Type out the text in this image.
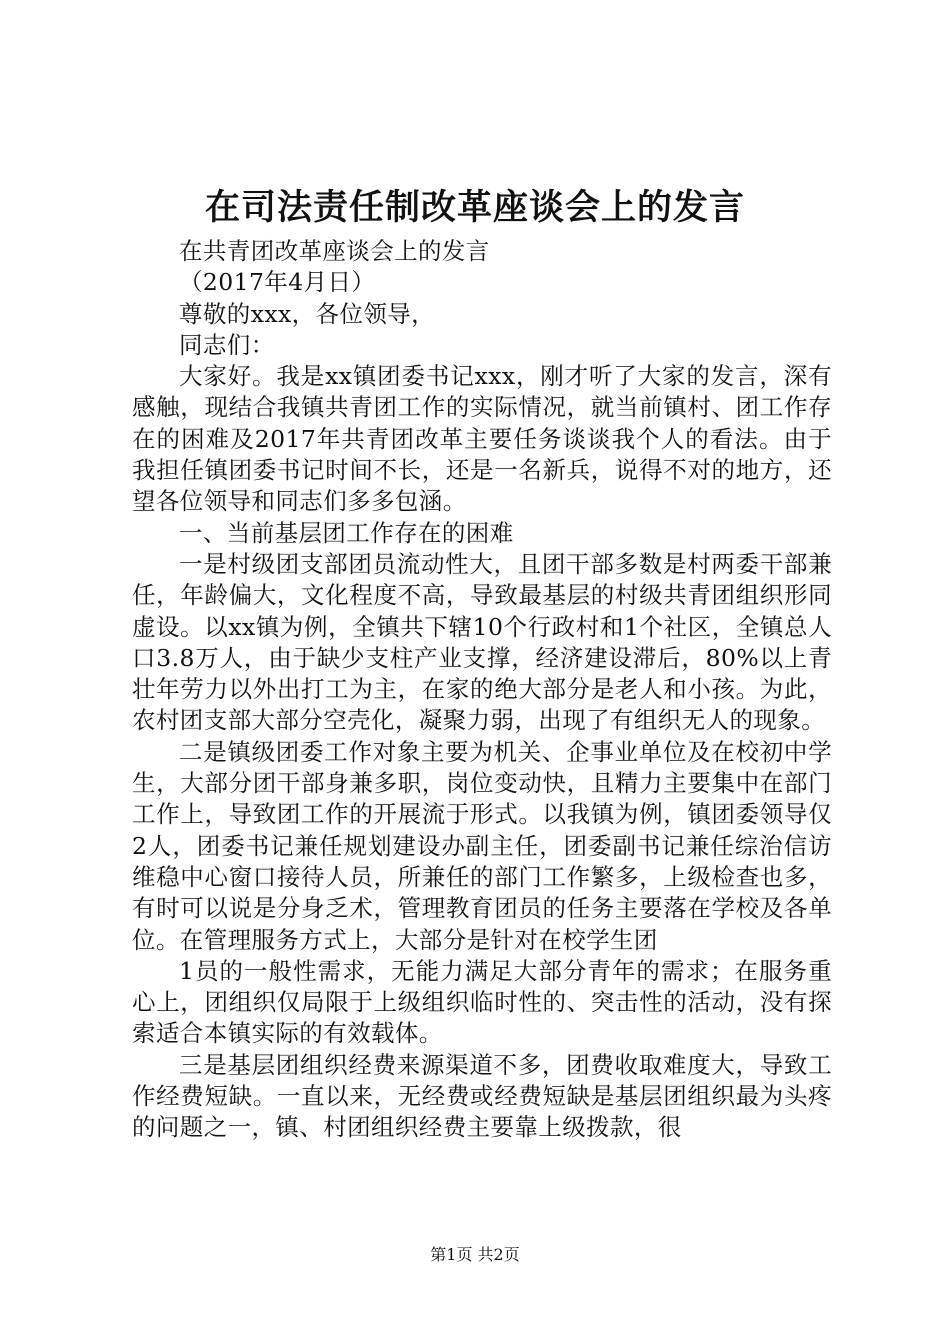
在司法责任制改革座谈会上的发言

在共青团改革座谈会上的发言

（2017年4月日）

尊敬的xxx，各位领导，

同志们：

大家好。我是xx镇团委书记xxx，刚才听了大家的发言，深有感触，现结合我镇共青团工作的实际情况，就当前镇村、团工作存在的困难及2017年共青团改革主要任务谈谈我个人的看法。由于我担任镇团委书记时间不长，还是一名新兵，说得不对的地方，还望各位领导和同志们多多包涵。

一、当前基层团工作存在的困难

一是村级团支部团员流动性大，且团干部多数是村两委干部兼任，年龄偏大，文化程度不高，导致最基层的村级共青团组织形同虚设。以xx镇为例，全镇共下辖10个行政村和1个社区，全镇总人口3.8万人，由于缺少支柱产业支撑，经济建设滞后，80%以上青壮年劳力以外出打工为主，在家的绝大部分是老人和小孩。为此，农村团支部大部分空壳化，凝聚力弱，出现了有组织无人的现象。

二是镇级团委工作对象主要为机关、企事业单位及在校初中学生，大部分团干部身兼多职，岗位变动快，且精力主要集中在部门工作上，导致团工作的开展流于形式。以我镇为例，镇团委领导仅2人，团委书记兼任规划建设办副主任，团委副书记兼任综治信访维稳中心窗口接待人员，所兼任的部门工作繁多，上级检查也多，有时可以说是分身乏术，管理教育团员的任务主要落在学校及各单位。在管理服务方式上，大部分是针对在校学生团

1员的一般性需求，无能力满足大部分青年的需求；在服务重心上，团组织仅局限于上级组织临时性的、突击性的活动，没有探索适合本镇实际的有效载体。

三是基层团组织经费来源渠道不多，团费收取难度大，导致工作经费短缺。一直以来，无经费或经费短缺是基层团组织最为头疼的问题之一，镇、村团组织经费主要靠上级拨款，很

第1页 共2页
